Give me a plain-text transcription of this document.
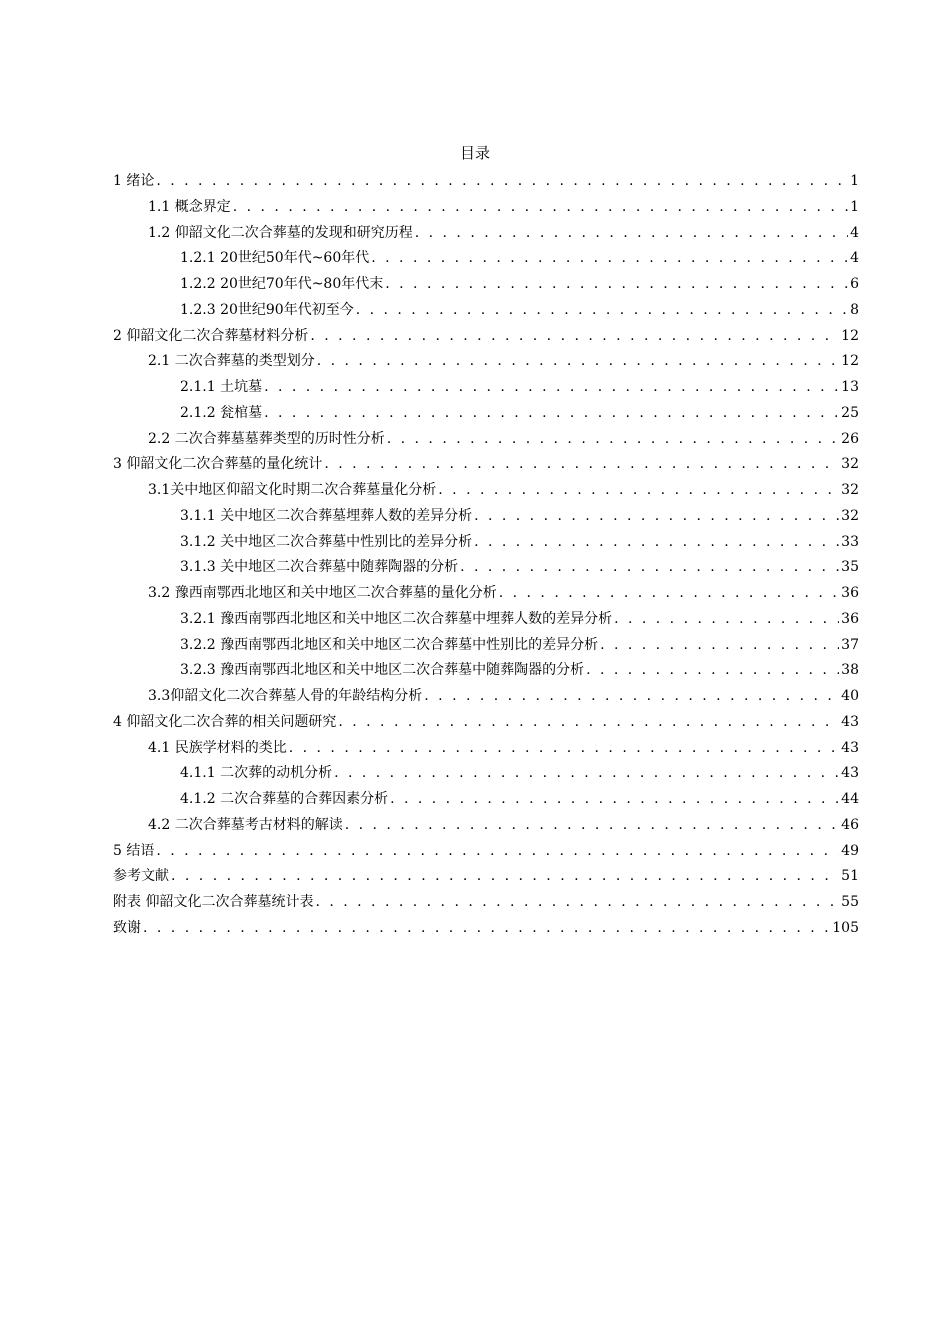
目录
1 绪论 . . .	1
1.1 概念界定 . . .	1
1.2 仰韶文化二次合葬墓的发现和研究历程 . . .	4
1.2.1 20世纪50年代~60年代 . . .	4
1.2.2 20世纪70年代~80年代末 . . .	6
1.2.3 20世纪90年代初至今 . . .	8
2 仰韶文化二次合葬墓材料分析 . . .	12
2.1 二次合葬墓的类型划分 . . .	12
2.1.1 土坑墓 . . .	13
2.1.2 瓮棺墓 . . .	25
2.2 二次合葬墓墓葬类型的历时性分析 . . .	26
3 仰韶文化二次合葬墓的量化统计 . . .	32
3.1关中地区仰韶文化时期二次合葬墓量化分析 . . .	32
3.1.1 关中地区二次合葬墓埋葬人数的差异分析 . . .	32
3.1.2 关中地区二次合葬墓中性别比的差异分析 . . .	33
3.1.3 关中地区二次合葬墓中随葬陶器的分析 . . .	35
3.2 豫西南鄂西北地区和关中地区二次合葬墓的量化分析 . . .	36
3.2.1 豫西南鄂西北地区和关中地区二次合葬墓中埋葬人数的差异分析 . . .	36
3.2.2 豫西南鄂西北地区和关中地区二次合葬墓中性别比的差异分析 . . .	37
3.2.3 豫西南鄂西北地区和关中地区二次合葬墓中随葬陶器的分析 . . .	38
3.3仰韶文化二次合葬墓人骨的年龄结构分析 . . .	40
4 仰韶文化二次合葬的相关问题研究 . . .	43
4.1 民族学材料的类比 . . .	43
4.1.1 二次葬的动机分析 . . .	43
4.1.2 二次合葬墓的合葬因素分析 . . .	44
4.2 二次合葬墓考古材料的解读 . . .	46
5 结语 . . .	49
参考文献 . . .	51
附表 仰韶文化二次合葬墓统计表 . . .	55
致谢 . . .	105
